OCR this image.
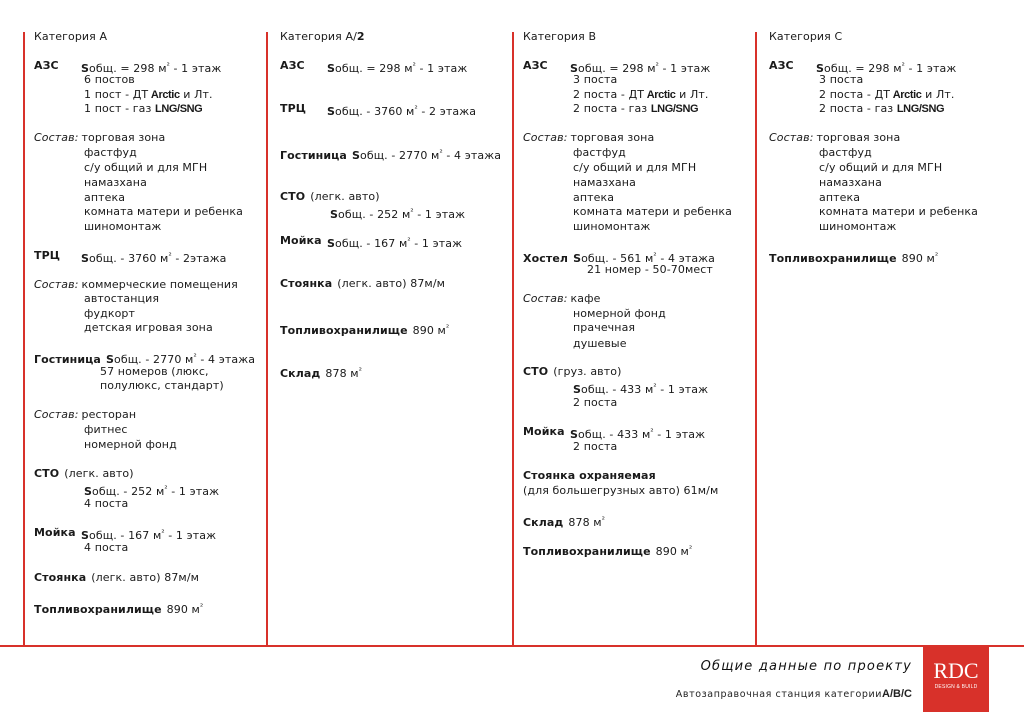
Категория А
АЗС Sобщ. = 298 $м^{^2} - 1$ этаж
6 постов
1 пост - ДТ Arctic и Лт.
1 пост - газ LNG/SNG
Состав: торговая зона
фастфуд
с/у общий и для МГН
намазхана
аптека
комната матери и ребенка
шиномонтаж
ТРЦ Sобщ. - 3760 $м^{^2}$ - 2этажа
Состав: коммерческие помещения
автостанция
фудкорт
детская игровая зона
Гостиница Sобщ. - 2770 $м^{^2} - 4$ этажа
57 номеров (люкс,
полулюкс, стандарт)
Состав: ресторан
фитнес
номерной фонд
СТО (легк. авто)
Sобщ. - 252 $м^{^2} - 1$ этаж
4 поста
Мойка Sобщ. - 167 $м^{^2} - 1$ этаж
4 поста
Стоянка (легк. авто) 87м/м
Топливохранилище 890 $м^{^2}$
Категория А/2
АЗС Sобщ. = 298 $м^{^2} - 1$ этаж
ТРЦ Sобщ. - 3760 $м^{^2} - 2$ этажа
Гостиница Sобщ. - 2770 $м^{^2} - 4$ этажа
СТО (легк. авто)
Sобщ. - 252 $м^{^2} - 1$ этаж
Мойка Sобщ. - 167 $м^{^2} - 1$ этаж
Стоянка (легк. авто) 87м/м
Топливохранилище 890 $м^{^2}$
Склад 878 $м^{^2}$
Категория В
АЗС Sобщ. = 298 $м^{^2} - 1$ этаж
3 поста
2 поста - ДТ Arctic и Лт.
2 поста - газ LNG/SNG
Состав: торговая зона
фастфуд
с/у общий и для МГН
намазхана
аптека
комната матери и ребенка
шиномонтаж
Хостел Sобщ. - 561 $м^{^2} - 4$ этажа
21 номер - 50-70мест
Состав: кафе
номерной фонд
прачечная
душевые
СТО (груз. авто)
Sобщ. - 433 $м^{^2} - 1$ этаж
2 поста
Мойка Sобщ. - 433 $м^{^2} - 1$ этаж
2 поста
Стоянка охраняемая
(для большегрузных авто) 61м/м
Склад 878 $м^{^2}$
Топливохранилище 890 $м^{^2}$
Категория С
АЗС Sобщ. = 298 $м^{^2} - 1$ этаж
3 поста
2 поста - ДТ Arctic и Лт.
2 поста - газ LNG/SNG
Состав: торговая зона
фастфуд
с/у общий и для МГН
намазхана
аптека
комната матери и ребенка
шиномонтаж
Топливохранилище 890 $м^{^2}$
Общие данные по проекту
Автозаправочная станция категорииA/B/C
RDC
DESIGN & BUILD
